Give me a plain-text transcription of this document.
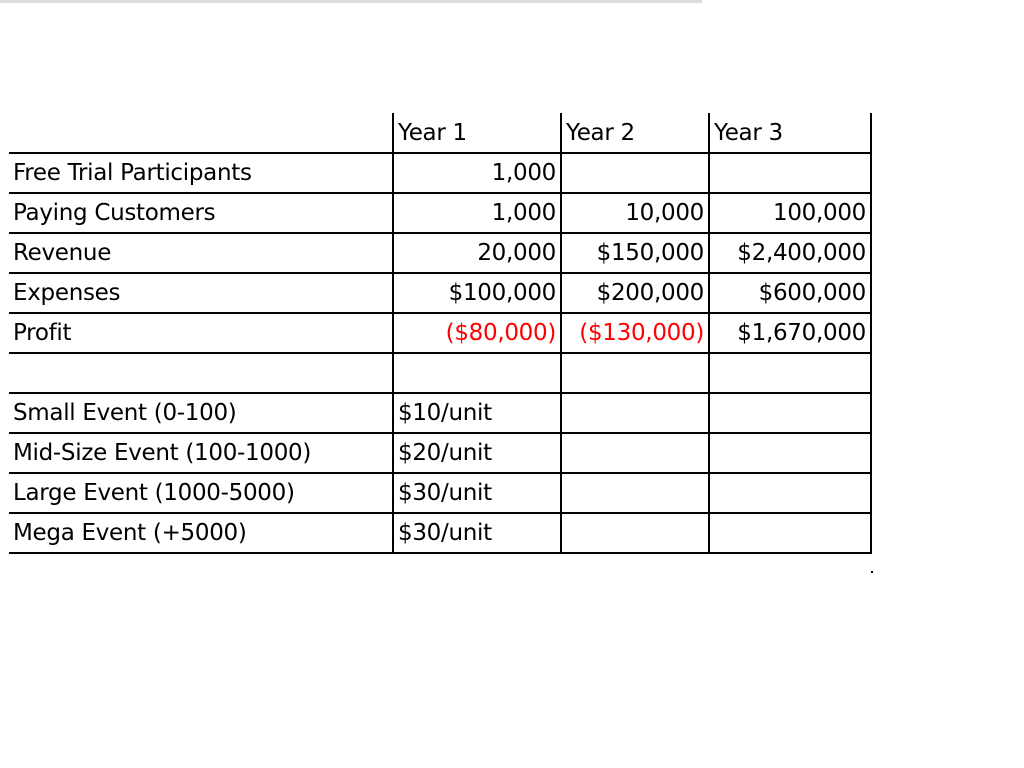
	Year 1	Year 2	Year 3
Free Trial Participants	1,000		
Paying Customers	1,000	10,000	100,000
Revenue	20,000	$150,000	$2,400,000
Expenses	$100,000	$200,000	$600,000
Profit	($80,000)	($130,000)	$1,670,000

Small Event (0-100)	$10/unit		
Mid-Size Event (100-1000)	$20/unit		
Large Event (1000-5000)	$30/unit		
Mega Event (+5000)	$30/unit		
